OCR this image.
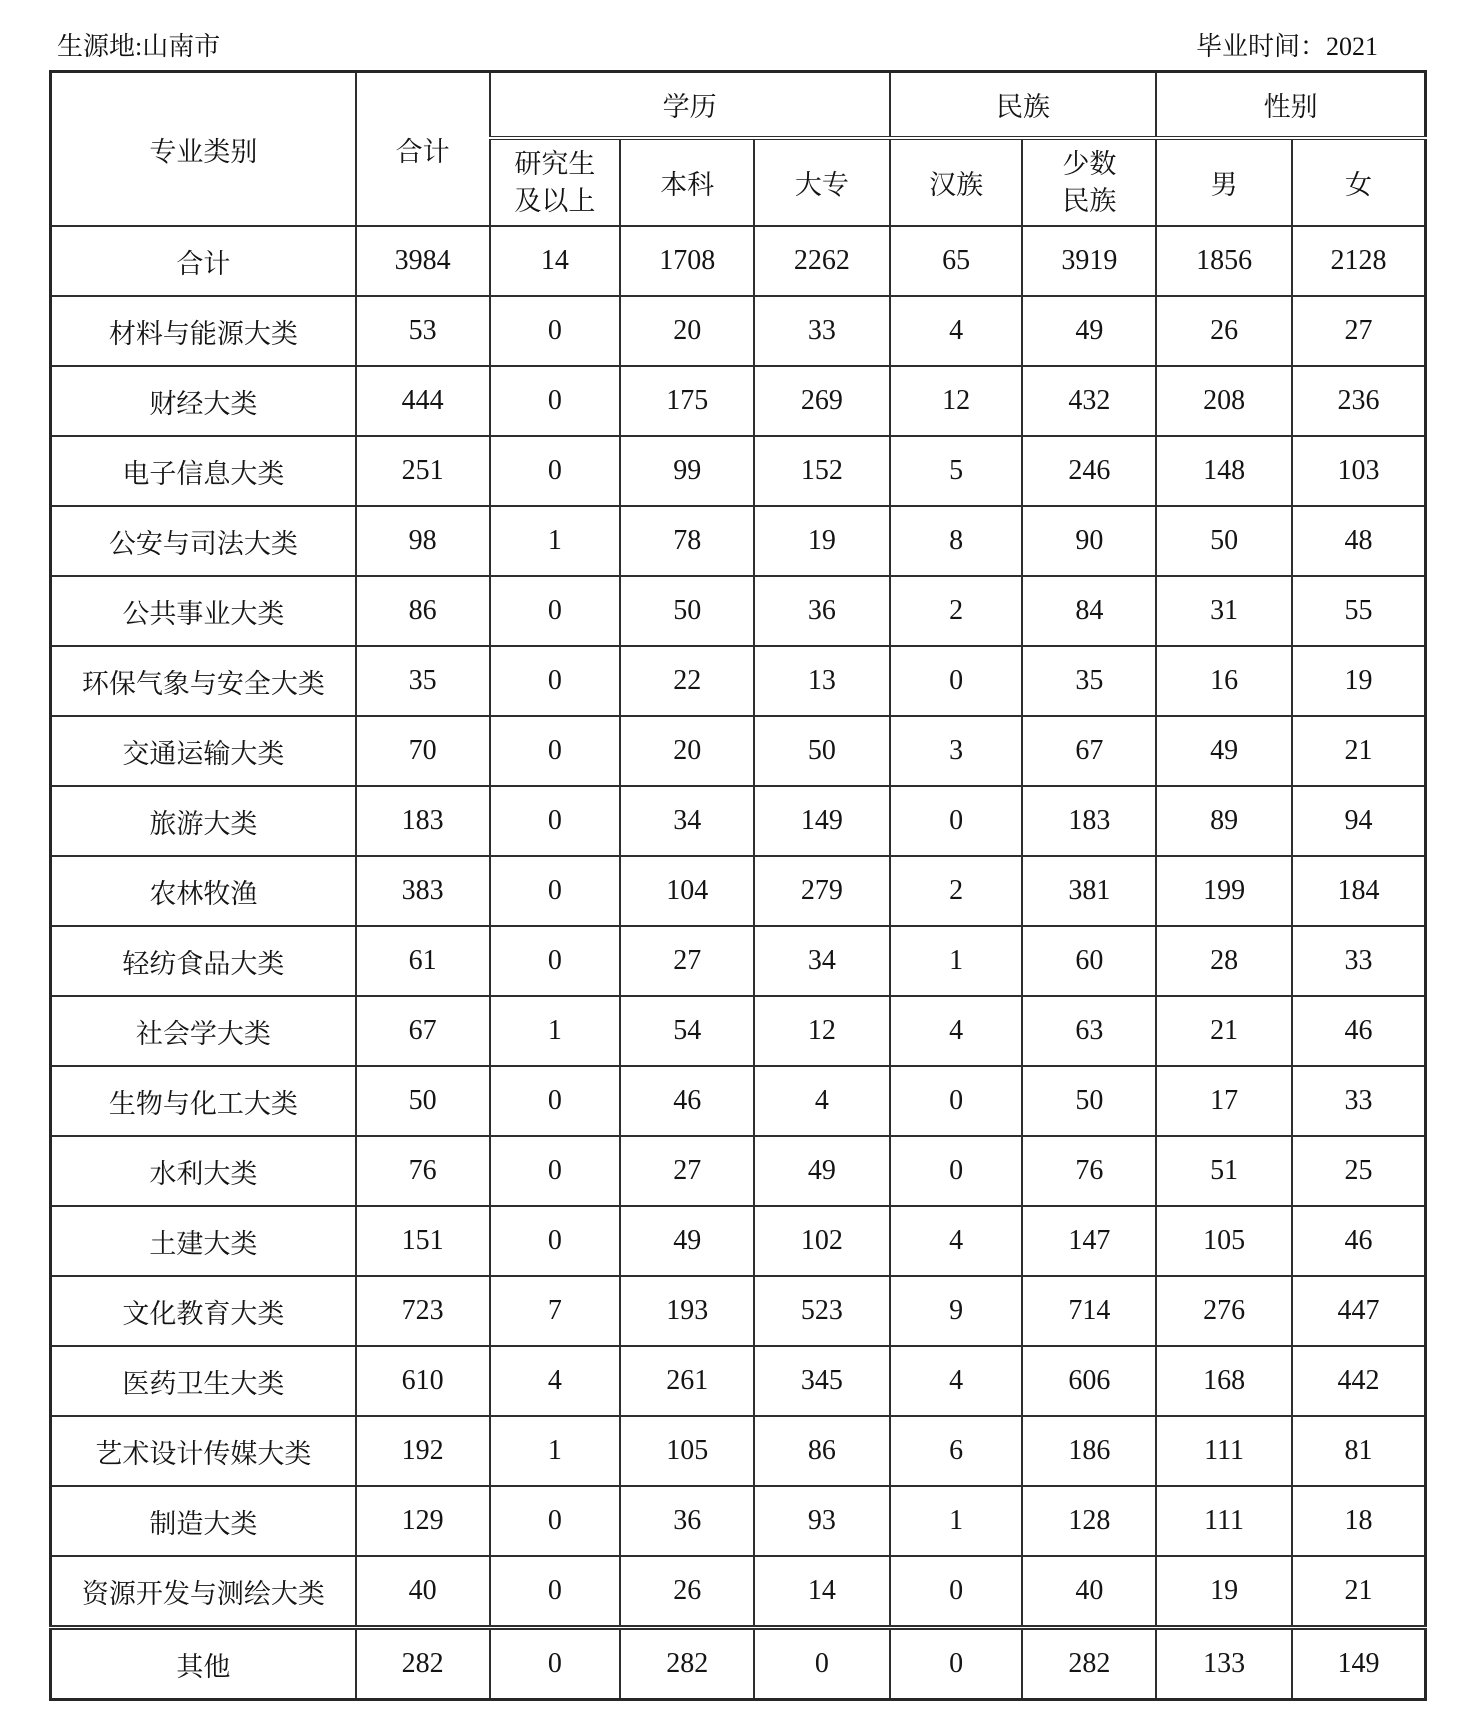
生源地:山南市	毕业时间：2021
专业类别	合计	学历			民族		性别	
		研究生及以上	本科	大专	汉族	少数民族	男	女
合计	3984	14	1708	2262	65	3919	1856	2128
材料与能源大类	53	0	20	33	4	49	26	27
财经大类	444	0	175	269	12	432	208	236
电子信息大类	251	0	99	152	5	246	148	103
公安与司法大类	98	1	78	19	8	90	50	48
公共事业大类	86	0	50	36	2	84	31	55
环保气象与安全大类	35	0	22	13	0	35	16	19
交通运输大类	70	0	20	50	3	67	49	21
旅游大类	183	0	34	149	0	183	89	94
农林牧渔	383	0	104	279	2	381	199	184
轻纺食品大类	61	0	27	34	1	60	28	33
社会学大类	67	1	54	12	4	63	21	46
生物与化工大类	50	0	46	4	0	50	17	33
水利大类	76	0	27	49	0	76	51	25
土建大类	151	0	49	102	4	147	105	46
文化教育大类	723	7	193	523	9	714	276	447
医药卫生大类	610	4	261	345	4	606	168	442
艺术设计传媒大类	192	1	105	86	6	186	111	81
制造大类	129	0	36	93	1	128	111	18
资源开发与测绘大类	40	0	26	14	0	40	19	21
其他	282	0	282	0	0	282	133	149
